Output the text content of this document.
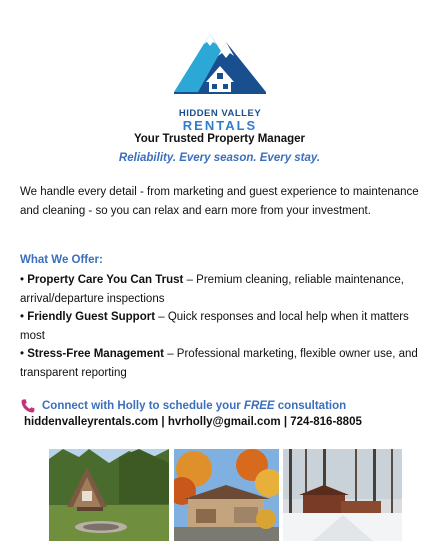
HIDDEN VALLEY
RENTALS
Your Trusted Property Manager
Reliability. Every season. Every stay.
We handle every detail - from marketing and guest experience to maintenance and cleaning - so you can relax and earn more from your investment.
What We Offer:
• Property Care You Can Trust – Premium cleaning, reliable maintenance, arrival/departure inspections
• Friendly Guest Support – Quick responses and local help when it matters most
• Stress-Free Management – Professional marketing, flexible owner use, and transparent reporting
Connect with Holly to schedule your FREE consultation
hiddenvalleyrentals.com | hvrholly@gmail.com | 724-816-8805
